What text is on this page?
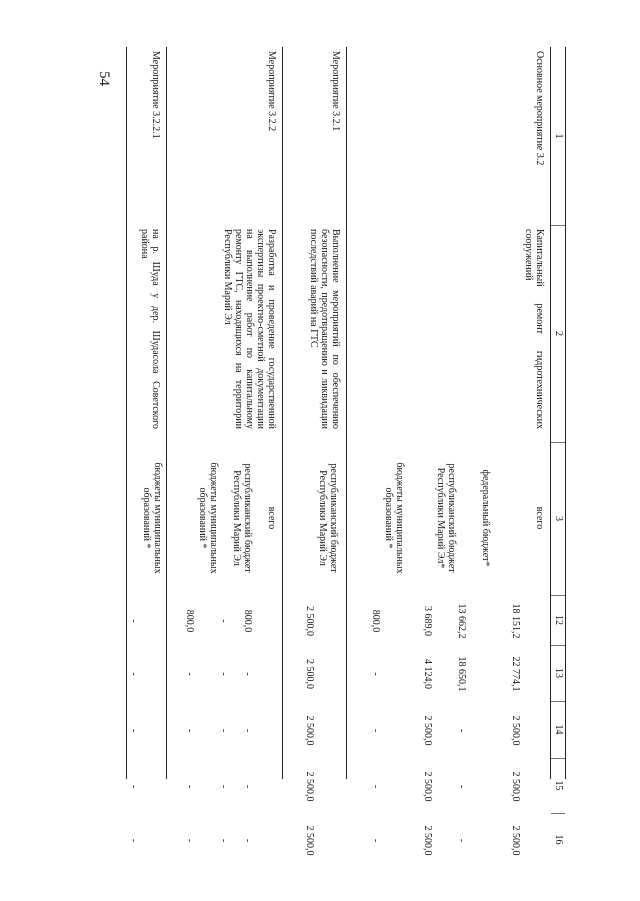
54
1
2
3
12
13
14
15
16
Основное мероприятие 3.2
Капитальный ремонт гидротехнических сооружений
всего
18 151,2
22 774,1
2 500,0
2 500,0
2 500,0
федеральный бюджет*
13 662,2
18 650,1
-
-
-
республиканский бюджет Республики Марий Эл*
3 689,0
4 124,0
2 500,0
2 500,0
2 500,0
бюджеты муниципальных образований *
800,0
-
-
-
-
Мероприятие 3.2.1
Выполнение мероприятий по обеспечению безопасности, предотвращению и ликвидации последствий аварий на ГТС
республиканский бюджет Республики Марий Эл
2 500,0
2 500,0
2 500,0
2 500,0
2 500,0
Мероприятие 3.2.2
Разработка и проведение государственной экспертизы проектно-сметной документации на выполнение работ по капитальному ремонту ГТС, находящихся на территории Республики Марий Эл
всего
800,0
-
-
-
-
республиканский бюджет Республики Марий Эл
-
-
-
-
-
бюджеты муниципальных образований *
800,0
-
-
-
-
Мероприятие 3.2.2.1
на р. Шуда у дер. Шудасола Советского района
бюджеты муниципальных образований *
-
-
-
-
-
